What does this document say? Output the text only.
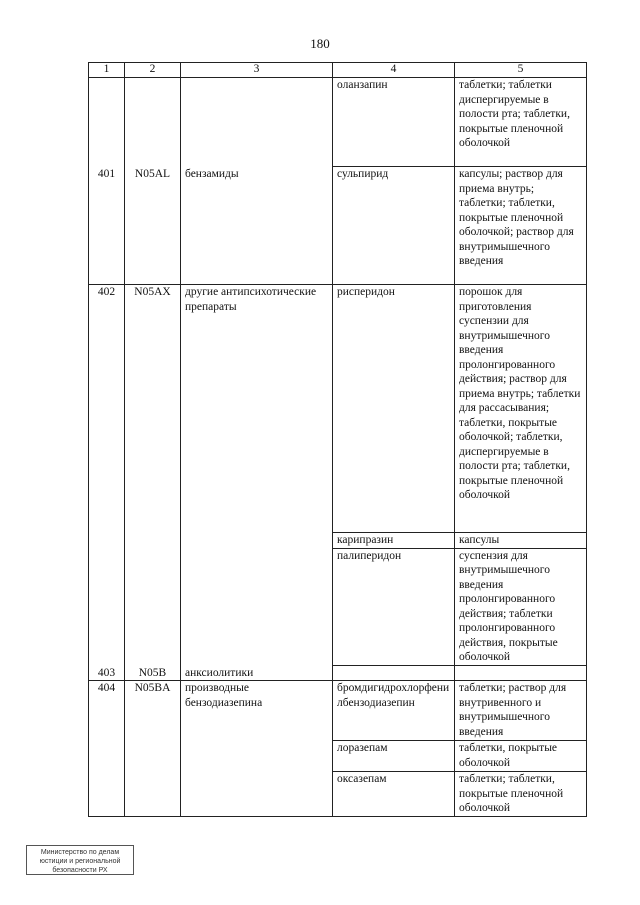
180
1	2	3	4	5
			оланзапин	таблетки; таблетки диспергируемые в полости рта; таблетки, покрытые пленочной оболочкой
401	N05AL	бензамиды	сульпирид	капсулы; раствор для приема внутрь; таблетки; таблетки, покрытые пленочной оболочкой; раствор для внутримышечного введения
402	N05AX	другие антипсихотические препараты	рисперидон	порошок для приготовления суспензии для внутримышечного введения пролонгированного действия; раствор для приема внутрь; таблетки для рассасывания; таблетки, покрытые оболочкой; таблетки, диспергируемые в полости рта; таблетки, покрытые пленочной оболочкой
			карипразин	капсулы
			палиперидон	суспензия для внутримышечного введения пролонгированного действия; таблетки пролонгированного действия, покрытые оболочкой
403	N05B	анксиолитики		
404	N05BA	производные бензодиазепина	бромдигидрохлорфенилбензодиазепин	таблетки; раствор для внутривенного и внутримышечного введения
			лоразепам	таблетки, покрытые оболочкой
			оксазепам	таблетки; таблетки, покрытые пленочной оболочкой
Министерство по делам
юстиции и региональной
безопасности РХ
